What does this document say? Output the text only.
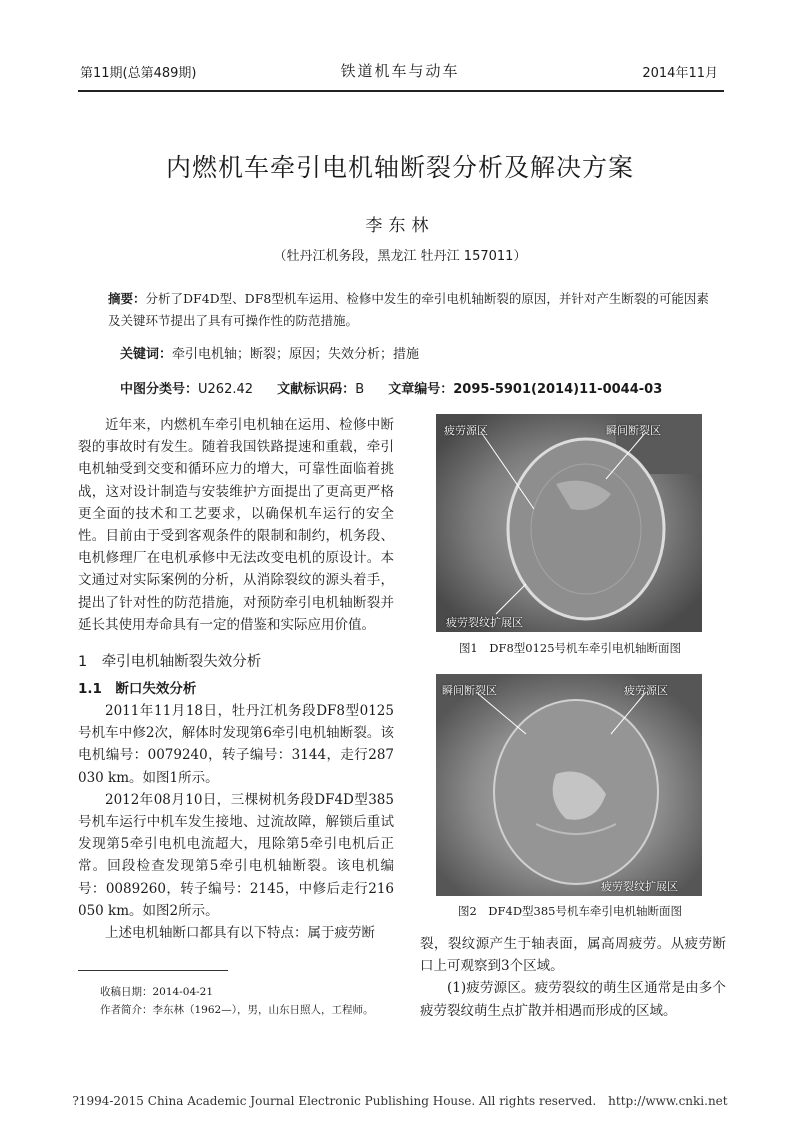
第11期(总第489期)	铁道机车与动车	2014年11月
内燃机车牵引电机轴断裂分析及解决方案
李东林
（牡丹江机务段，黑龙江 牡丹江 157011）
摘要：分析了DF4D型、DF8型机车运用、检修中发生的牵引电机轴断裂的原因，并针对产生断裂的可能因素及关键环节提出了具有可操作性的防范措施。
关键词：牵引电机轴；断裂；原因；失效分析；措施
中图分类号：U262.42 文献标识码：B 文章编号：2095-5901(2014)11-0044-03

近年来，内燃机车牵引电机轴在运用、检修中断裂的事故时有发生。随着我国铁路提速和重载，牵引电机轴受到交变和循环应力的增大，可靠性面临着挑战，这对设计制造与安装维护方面提出了更高更严格更全面的技术和工艺要求，以确保机车运行的安全性。目前由于受到客观条件的限制和制约，机务段、电机修理厂在电机承修中无法改变电机的原设计。本文通过对实际案例的分析，从消除裂纹的源头着手，提出了针对性的防范措施，对预防牵引电机轴断裂并延长其使用寿命具有一定的借鉴和实际应用价值。

1　牵引电机轴断裂失效分析
1.1　断口失效分析

2011年11月18日，牡丹江机务段DF8型0125号机车中修2次，解体时发现第6牵引电机轴断裂。该电机编号：0079240，转子编号：3144，走行287 030 km。如图1所示。

2012年08月10日，三棵树机务段DF4D型385号机车运行中机车发生接地、过流故障，解锁后重试发现第5牵引电机电流超大，甩除第5牵引电机后正常。回段检查发现第5牵引电机轴断裂。该电机编号：0089260，转子编号：2145，中修后走行216 050 km。如图2所示。

上述电机轴断口都具有以下特点：属于疲劳断

收稿日期：2014-04-21
作者简介：李东林（1962—），男，山东日照人，工程师。
疲劳源区	瞬间断裂区
疲劳裂纹扩展区
图1　DF8型0125号机车牵引电机轴断面图
瞬间断裂区	疲劳源区
疲劳裂纹扩展区
图2　DF4D型385号机车牵引电机轴断面图

裂，裂纹源产生于轴表面，属高周疲劳。从疲劳断口上可观察到3个区域。

(1)疲劳源区。疲劳裂纹的萌生区通常是由多个疲劳裂纹萌生点扩散并相遇而形成的区域。

?1994-2015 China Academic Journal Electronic Publishing House. All rights reserved.　http://www.cnki.net
